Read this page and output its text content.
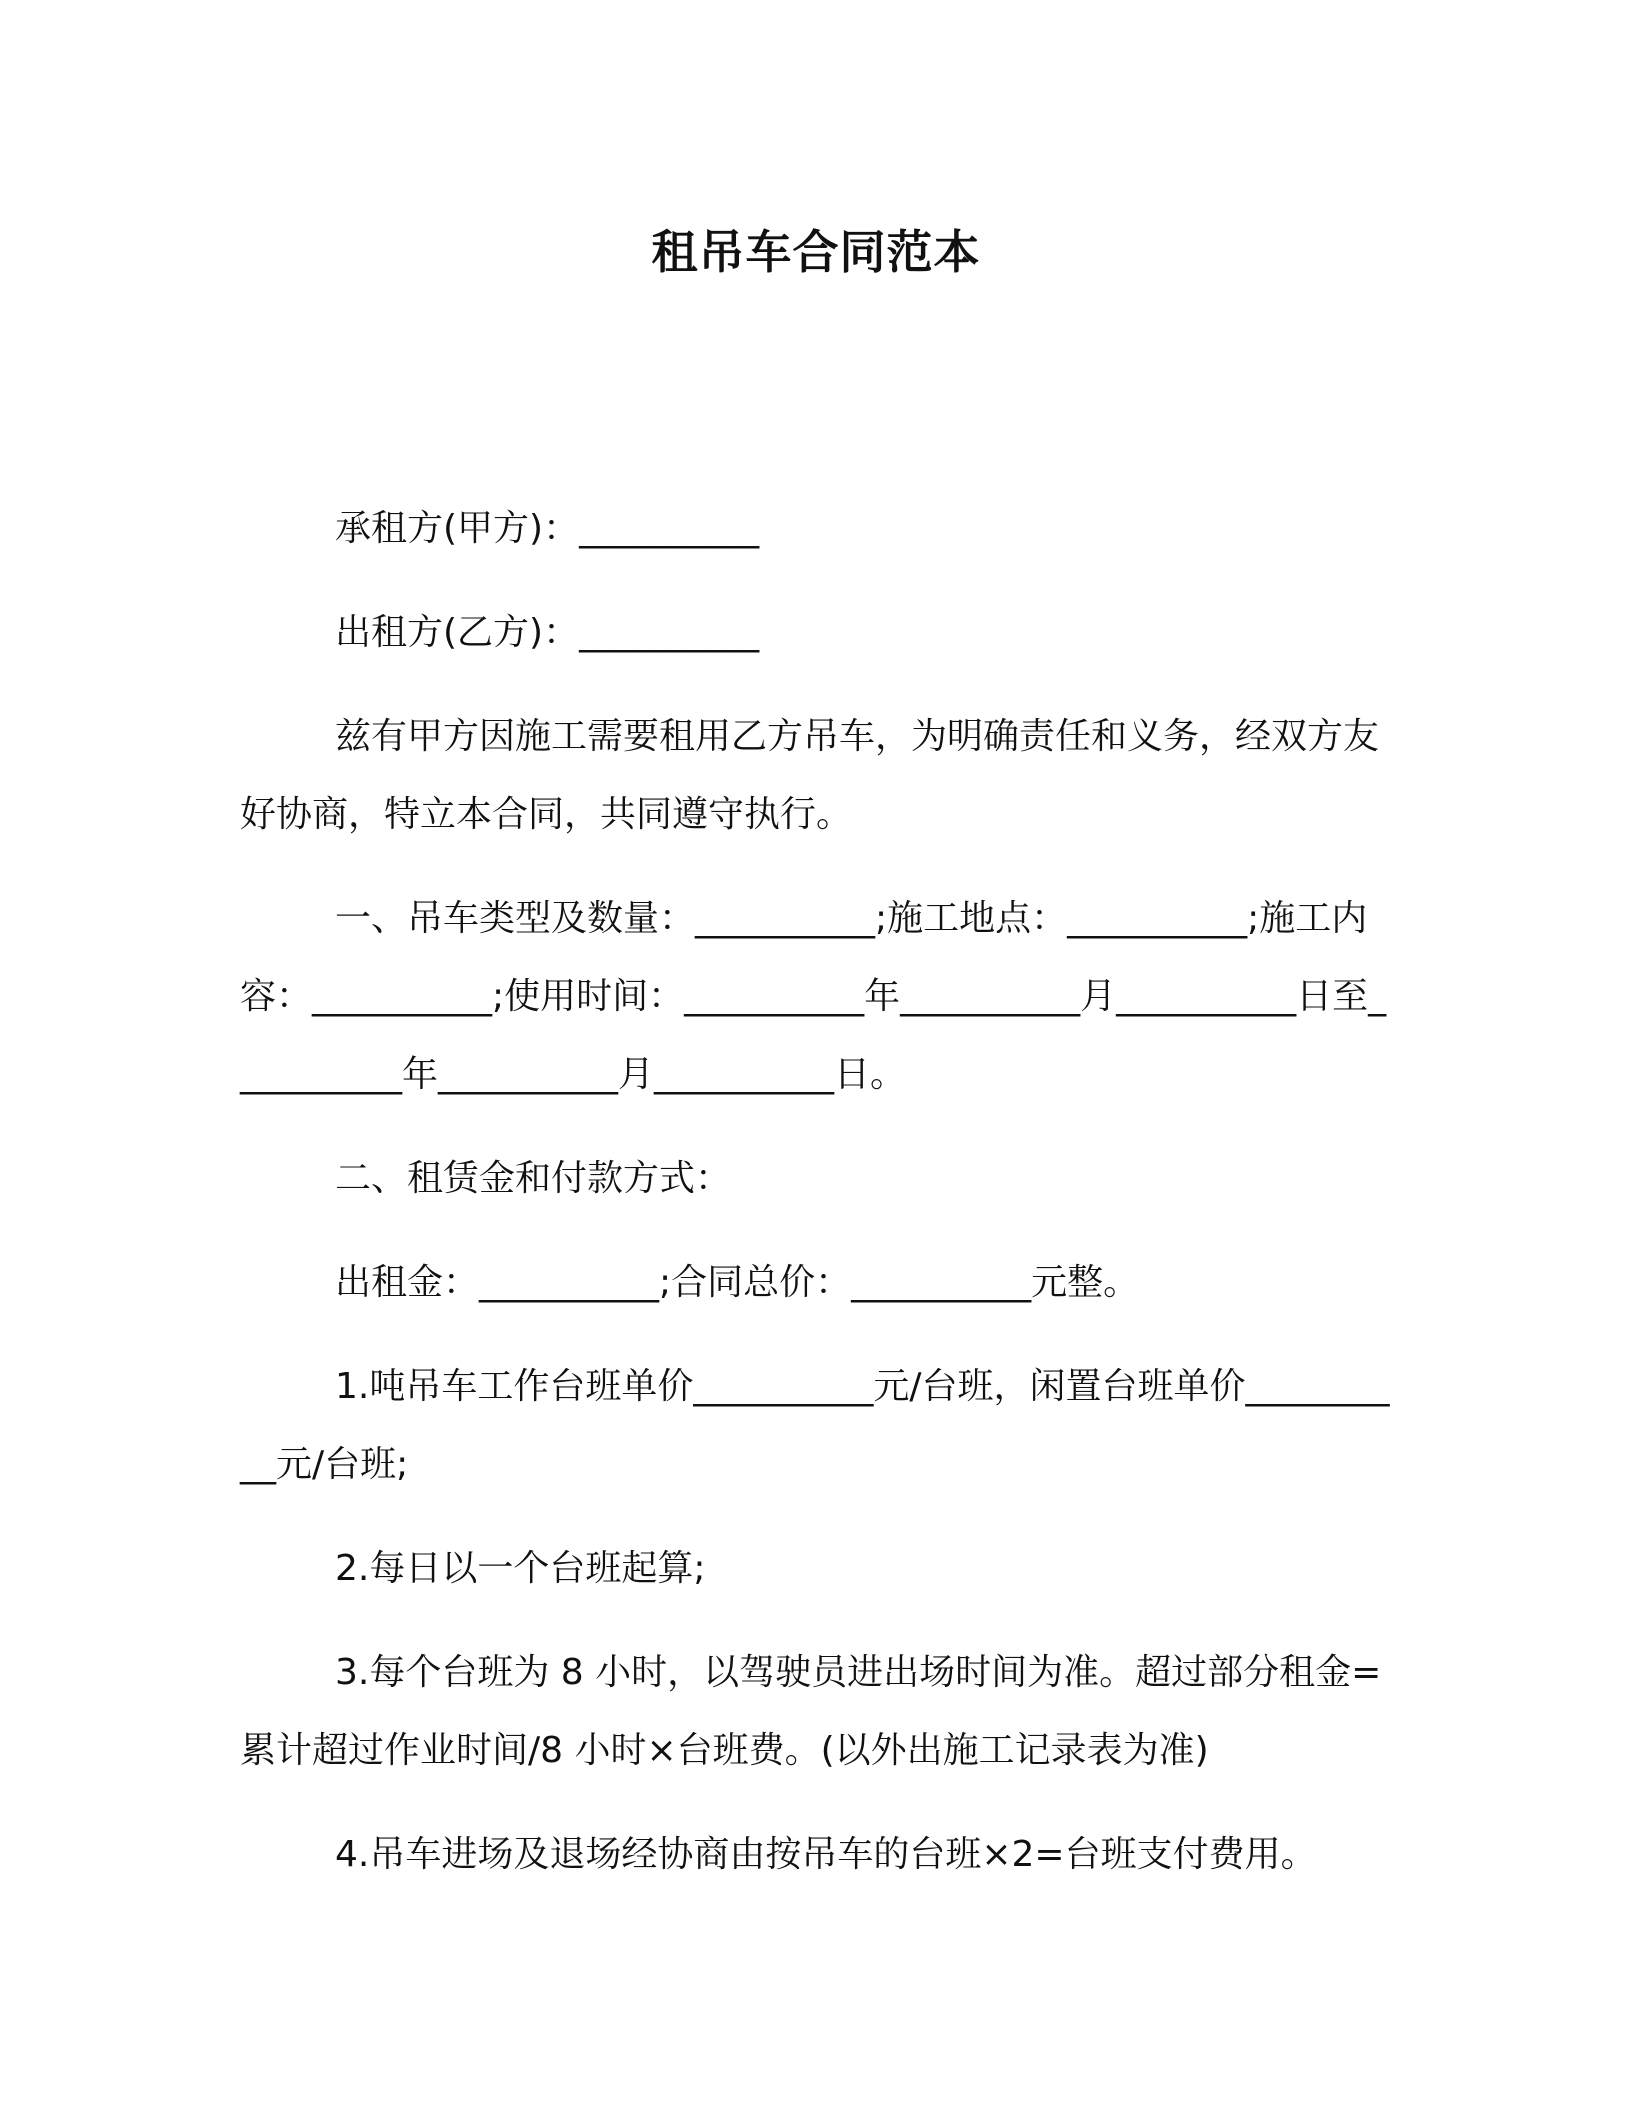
租吊车合同范本

承租方(甲方)：__________

出租方(乙方)：__________

兹有甲方因施工需要租用乙方吊车，为明确责任和义务，经双方友好协商，特立本合同，共同遵守执行。

一、吊车类型及数量：__________;施工地点：__________;施工内容：__________;使用时间：__________年__________月__________日至__________年__________月__________日。

二、租赁金和付款方式：

出租金：__________;合同总价：__________元整。

1.吨吊车工作台班单价__________元/台班，闲置台班单价__________元/台班;

2.每日以一个台班起算;

3.每个台班为 8 小时，以驾驶员进出场时间为准。超过部分租金=累计超过作业时间/8 小时×台班费。(以外出施工记录表为准)

4.吊车进场及退场经协商由按吊车的台班×2=台班支付费用。
